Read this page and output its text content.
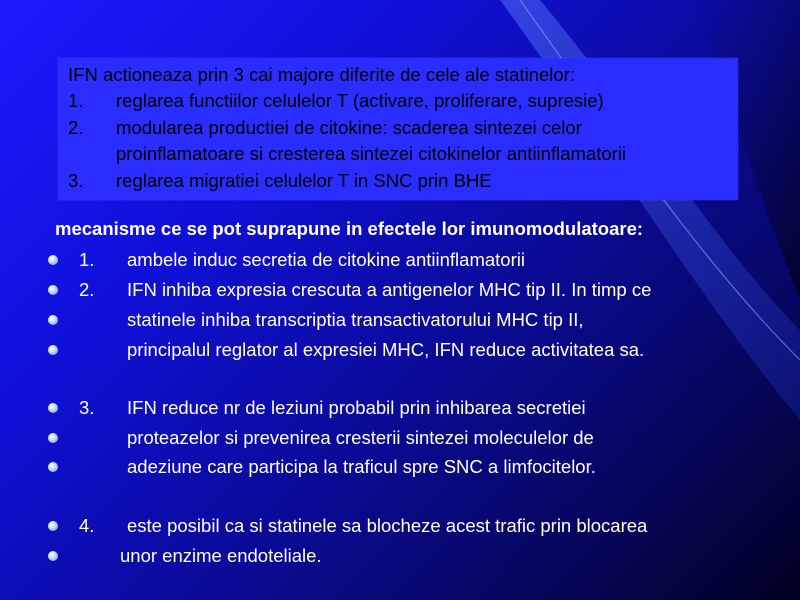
IFN actioneaza prin 3 cai majore diferite de cele ale statinelor:
1. reglarea functiilor celulelor T (activare, proliferare, supresie)
2. modularea productiei de citokine: scaderea sintezei celor
proinflamatoare si cresterea sintezei citokinelor antiinflamatorii
3. reglarea migratiei celulelor T in SNC prin BHE
mecanisme ce se pot suprapune in efectele lor imunomodulatoare:
1. ambele induc secretia de citokine antiinflamatorii
2. IFN inhiba expresia crescuta a antigenelor MHC tip II. In timp ce
statinele inhiba transcriptia transactivatorului MHC tip II,
principalul reglator al expresiei MHC, IFN reduce activitatea sa.
3. IFN reduce nr de leziuni probabil prin inhibarea secretiei
proteazelor si prevenirea cresterii sintezei moleculelor de
adeziune care participa la traficul spre SNC a limfocitelor.
4. este posibil ca si statinele sa blocheze acest trafic prin blocarea
unor enzime endoteliale.
